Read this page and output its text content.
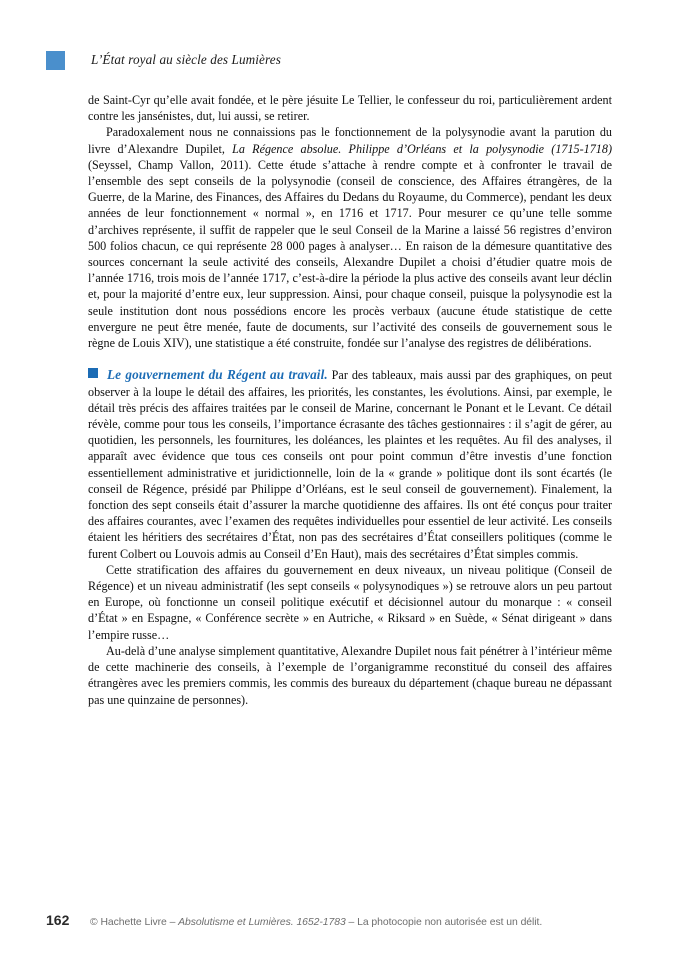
L’État royal au siècle des Lumières

de Saint-Cyr qu’elle avait fondée, et le père jésuite Le Tellier, le confesseur du roi, particulièrement ardent contre les jansénistes, dut, lui aussi, se retirer.

Paradoxalement nous ne connaissions pas le fonctionnement de la polysynodie avant la parution du livre d’Alexandre Dupilet, La Régence absolue. Philippe d’Orléans et la polysynodie (1715-1718) (Seyssel, Champ Vallon, 2011). Cette étude s’attache à rendre compte et à confronter le travail de l’ensemble des sept conseils de la polysynodie (conseil de conscience, des Affaires étrangères, de la Guerre, de la Marine, des Finances, des Affaires du Dedans du Royaume, du Commerce), pendant les deux années de leur fonctionnement « normal », en 1716 et 1717. Pour mesurer ce qu’une telle somme d’archives représente, il suffit de rappeler que le seul Conseil de la Marine a laissé 56 registres d’environ 500 folios chacun, ce qui représente 28 000 pages à analyser… En raison de la démesure quantitative des sources concernant la seule activité des conseils, Alexandre Dupilet a choisi d’étudier quatre mois de l’année 1716, trois mois de l’année 1717, c’est-à-dire la période la plus active des conseils avant leur déclin et, pour la majorité d’entre eux, leur suppression. Ainsi, pour chaque conseil, puisque la polysynodie est la seule institution dont nous possédions encore les procès verbaux (aucune étude statistique de cette envergure ne peut être menée, faute de documents, sur l’activité des conseils de gouvernement sous le règne de Louis XIV), une statistique a été construite, fondée sur l’analyse des registres de délibérations.

Le gouvernement du Régent au travail. Par des tableaux, mais aussi par des graphiques, on peut observer à la loupe le détail des affaires, les priorités, les constantes, les évolutions. Ainsi, par exemple, le détail très précis des affaires traitées par le conseil de Marine, concernant le Ponant et le Levant. Ce détail révèle, comme pour tous les conseils, l’importance écrasante des tâches gestionnaires : il s’agit de gérer, au quotidien, les personnels, les fournitures, les doléances, les plaintes et les requêtes. Au fil des analyses, il apparaît avec évidence que tous ces conseils ont pour point commun d’être investis d’une fonction essentiellement administrative et juridictionnelle, loin de la « grande » politique dont ils sont écartés (le conseil de Régence, présidé par Philippe d’Orléans, est le seul conseil de gouvernement). Finalement, la fonction des sept conseils était d’assurer la marche quotidienne des affaires. Ils ont été conçus pour traiter des affaires courantes, avec l’examen des requêtes individuelles pour essentiel de leur activité. Les conseils étaient les héritiers des secrétaires d’État, non pas des secrétaires d’État conseillers politiques (comme le furent Colbert ou Louvois admis au Conseil d’En Haut), mais des secrétaires d’État simples commis.

Cette stratification des affaires du gouvernement en deux niveaux, un niveau politique (Conseil de Régence) et un niveau administratif (les sept conseils « polysynodiques ») se retrouve alors un peu partout en Europe, où fonctionne un conseil politique exécutif et décisionnel autour du monarque : « conseil d’État » en Espagne, « Conférence secrète » en Autriche, « Riksard » en Suède, « Sénat dirigeant » dans l’empire russe…

Au-delà d’une analyse simplement quantitative, Alexandre Dupilet nous fait pénétrer à l’intérieur même de cette machinerie des conseils, à l’exemple de l’organigramme reconstitué du conseil des affaires étrangères avec les premiers commis, les commis des bureaux du département (chaque bureau ne dépassant pas une quinzaine de personnes).

162	© Hachette Livre – Absolutisme et Lumières. 1652-1783 – La photocopie non autorisée est un délit.
